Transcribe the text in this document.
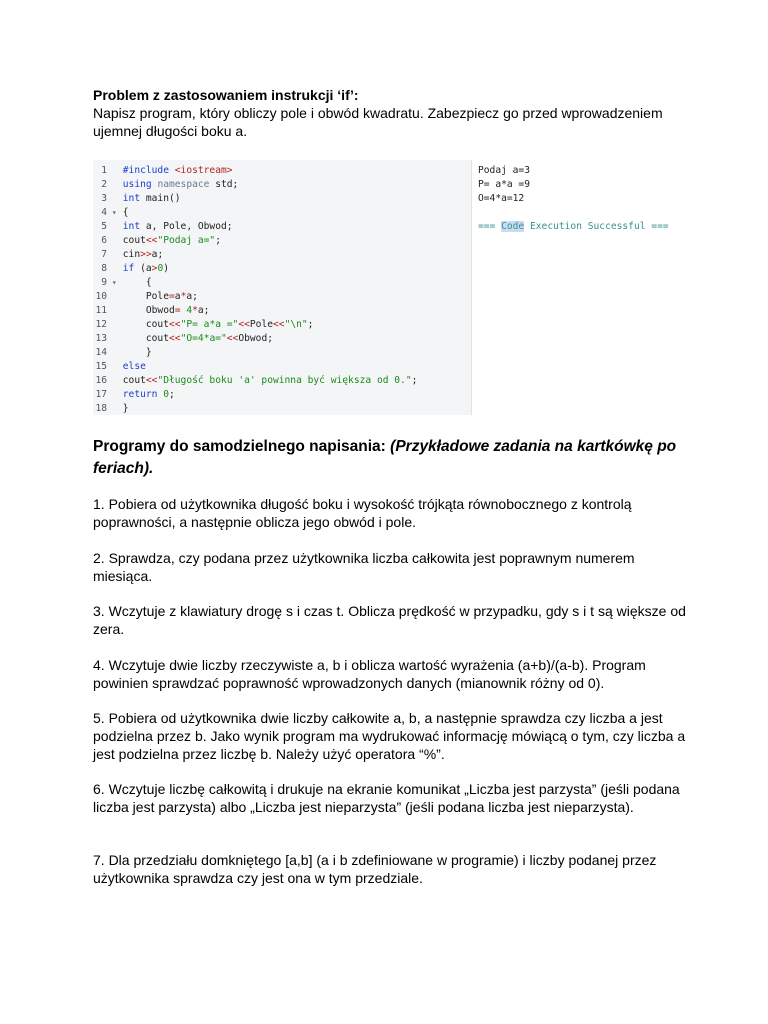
Problem z zastosowaniem instrukcji ‘if’:
Napisz program, który obliczy pole i obwód kwadratu. Zabezpiecz go przed wprowadzeniem ujemnej długości boku a.
1 #include <iostream>
2 using namespace std;
3 int main()
4 ▾ {
5 int a, Pole, Obwod;
6 cout<<"Podaj a=";
7 cin>>a;
8 if (a>0)
9 ▾     {
10      Pole=a*a;
11      Obwod= 4*a;
12      cout<<"P= a*a ="<<Pole<<"\n";
13      cout<<"O=4*a="<<Obwod;
14      }
15 else
16 cout<<"Długość boku 'a' powinna być większa od 0.";
17 return 0;
18 }
Podaj a=3
P= a*a =9
O=4*a=12

=== Code Execution Successful ===
Programy do samodzielnego napisania: (Przykładowe zadania na kartkówkę po feriach).
1. Pobiera od użytkownika długość boku i wysokość trójkąta równobocznego z kontrolą poprawności, a następnie oblicza jego obwód i pole.
2. Sprawdza, czy podana przez użytkownika liczba całkowita jest poprawnym numerem miesiąca.
3. Wczytuje z klawiatury drogę s i czas t. Oblicza prędkość w przypadku, gdy s i t są większe od zera.
4. Wczytuje dwie liczby rzeczywiste a, b i oblicza wartość wyrażenia (a+b)/(a-b). Program powinien sprawdzać poprawność wprowadzonych danych (mianownik różny od 0).
5. Pobiera od użytkownika dwie liczby całkowite a, b, a następnie sprawdza czy liczba a jest podzielna przez b. Jako wynik program ma wydrukować informację mówiącą o tym, czy liczba a jest podzielna przez liczbę b. Należy użyć operatora “%”.
6. Wczytuje liczbę całkowitą i drukuje na ekranie komunikat „Liczba jest parzysta” (jeśli podana liczba jest parzysta) albo „Liczba jest nieparzysta” (jeśli podana liczba jest nieparzysta).
7. Dla przedziału domkniętego [a,b] (a i b zdefiniowane w programie) i liczby podanej przez użytkownika sprawdza czy jest ona w tym przedziale.
